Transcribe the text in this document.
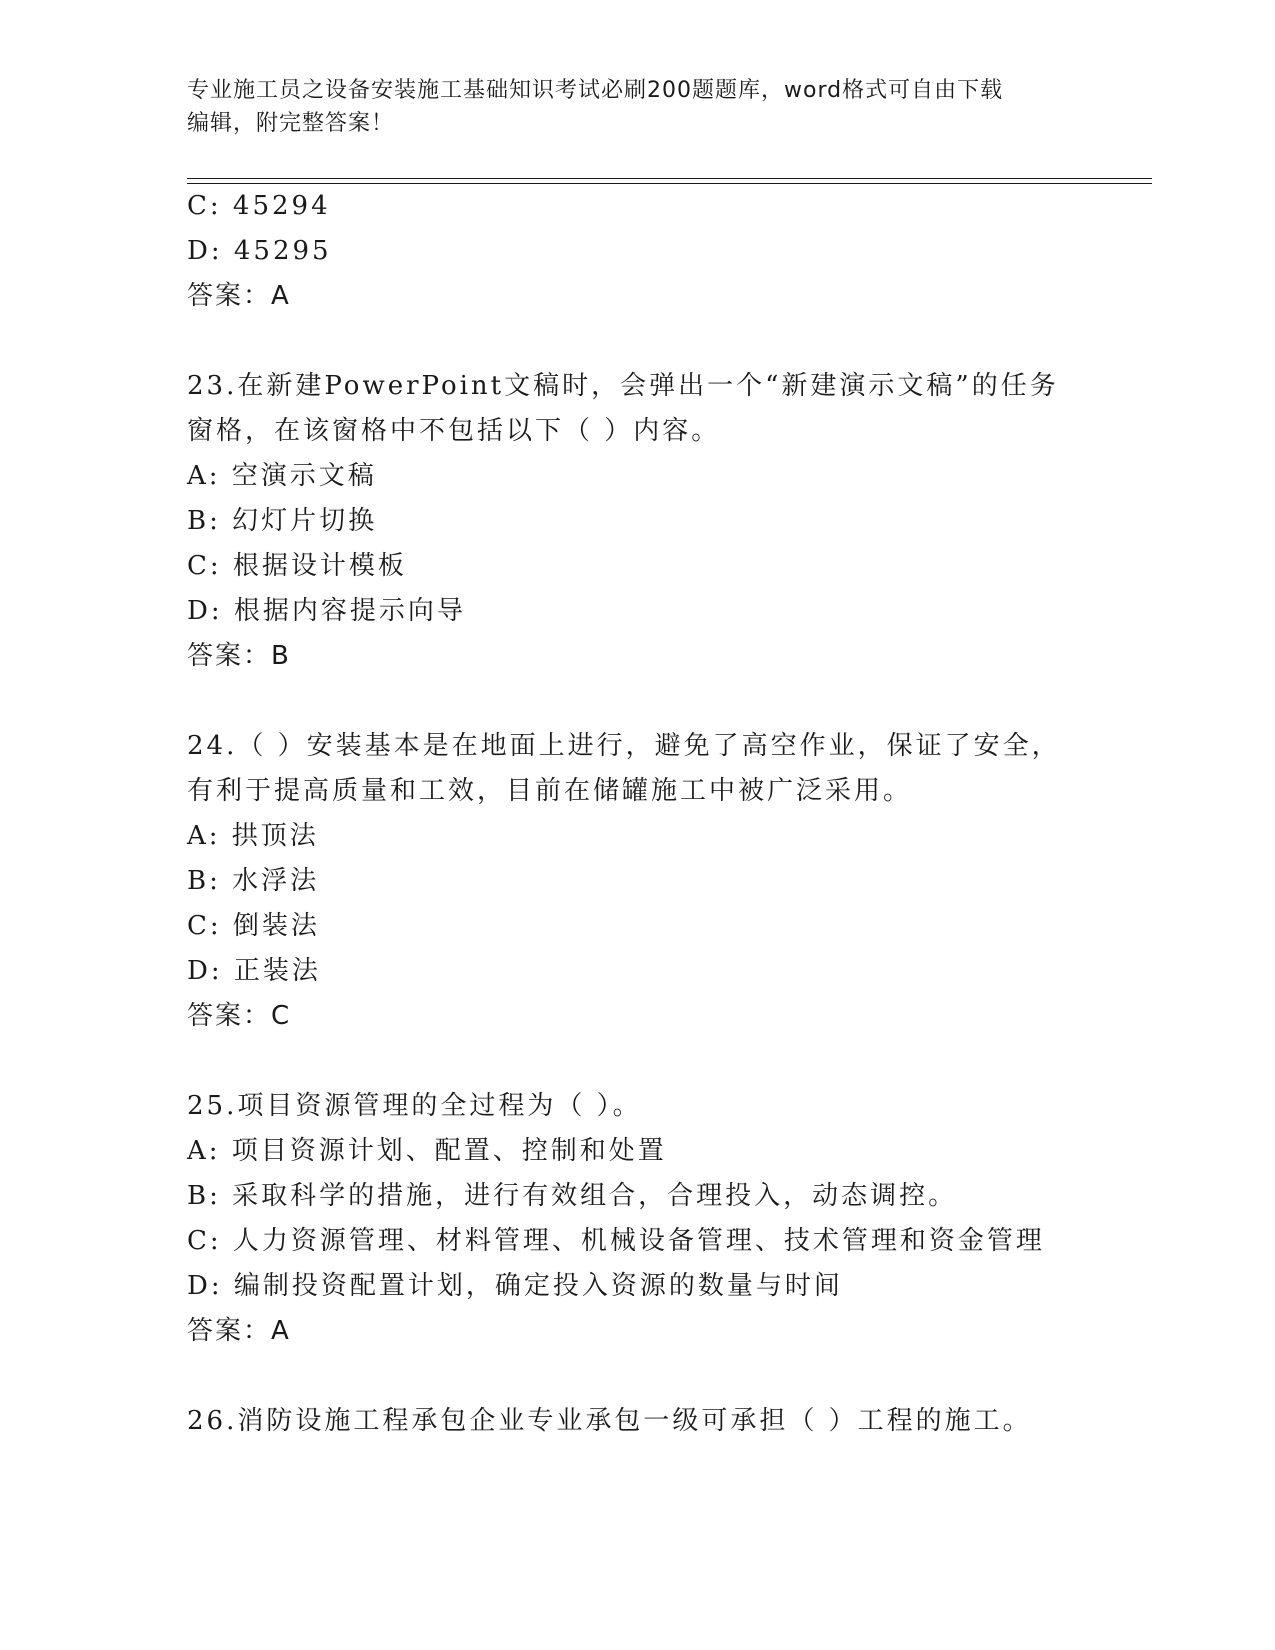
专业施工员之设备安装施工基础知识考试必刷200题题库，word格式可自由下载
编辑，附完整答案！
C: 45294
D: 45295
答案：A
23.在新建PowerPoint文稿时，会弹出一个“新建演示文稿”的任务
窗格，在该窗格中不包括以下（ ）内容。
A: 空演示文稿
B: 幻灯片切换
C: 根据设计模板
D: 根据内容提示向导
答案：B
24.（ ）安装基本是在地面上进行，避免了高空作业，保证了安全，
有利于提高质量和工效，目前在储罐施工中被广泛采用。
A: 拱顶法
B: 水浮法
C: 倒装法
D: 正装法
答案：C
25.项目资源管理的全过程为（ ）。
A: 项目资源计划、配置、控制和处置
B: 采取科学的措施，进行有效组合，合理投入，动态调控。
C: 人力资源管理、材料管理、机械设备管理、技术管理和资金管理
D: 编制投资配置计划，确定投入资源的数量与时间
答案：A
26.消防设施工程承包企业专业承包一级可承担（ ）工程的施工。
